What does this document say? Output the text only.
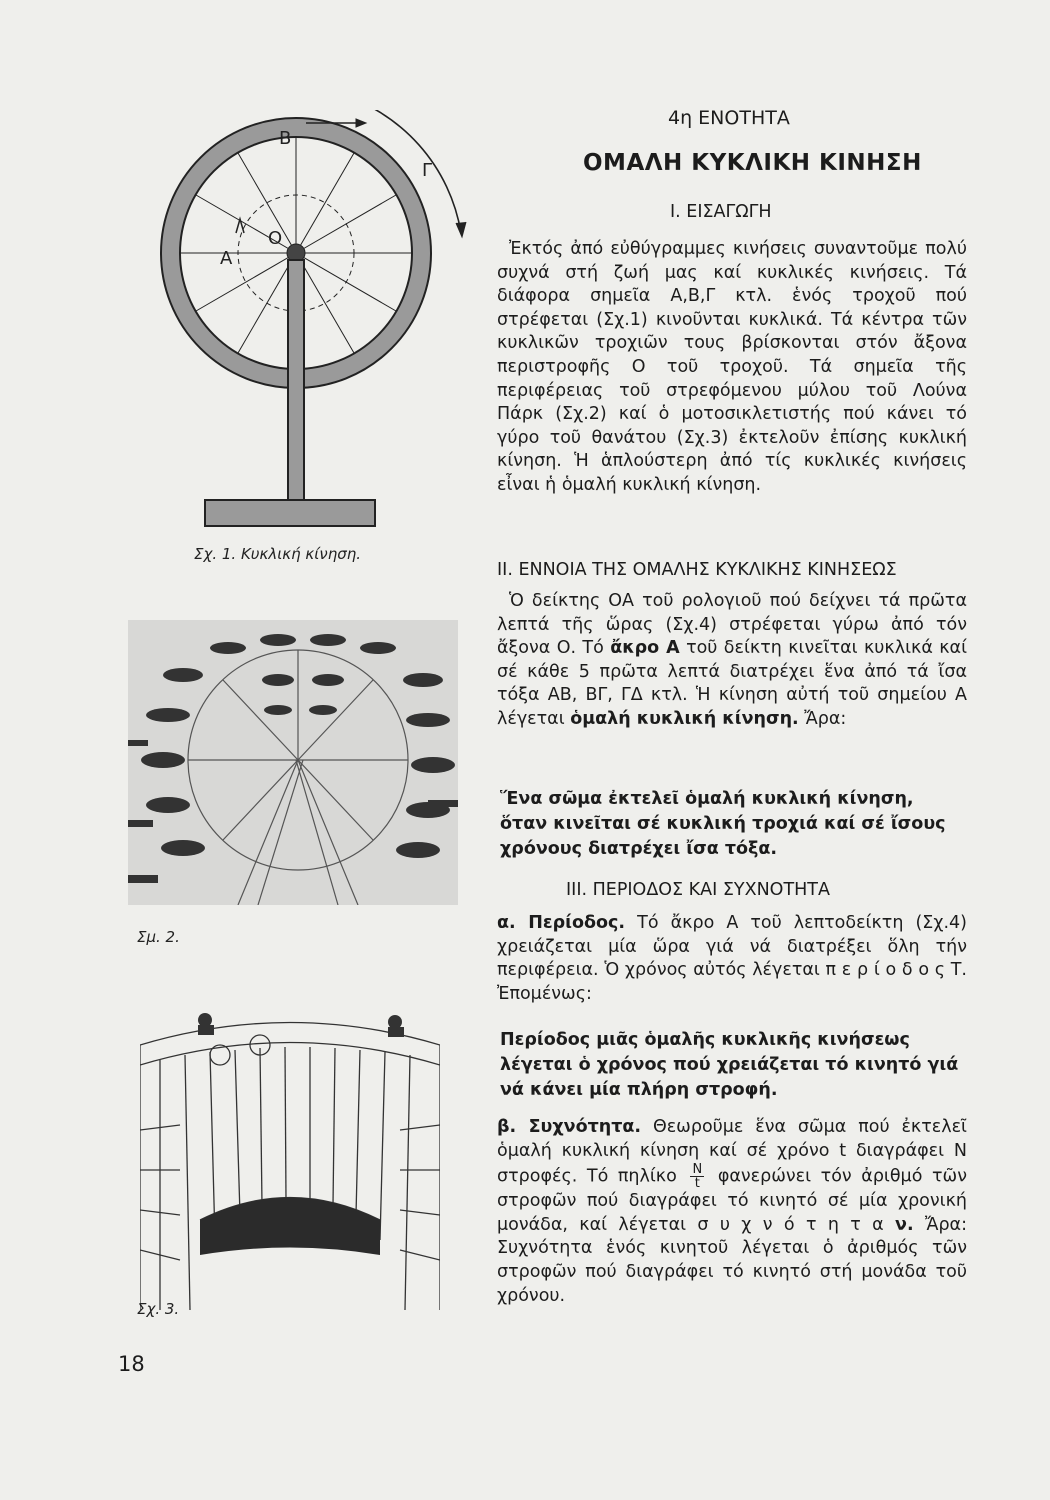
4η ΕΝΟΤΗΤΑ
ΟΜΑΛΗ ΚΥΚΛΙΚΗ ΚΙΝΗΣΗ
Α
Β
Γ
Ο
Σχ. 1. Κυκλική κίνηση.
Σμ. 2.
Σχ. 3.
Ι. ΕΙΣΑΓΩΓΗ

Ἐκτός ἀπό εὐθύγραμμες κινήσεις συναντοῦμε πολύ συχνά στή ζωή μας καί κυκλικές κινήσεις. Τά διάφορα σημεῖα Α,Β,Γ κτλ. ἑνός τροχοῦ πού στρέφεται (Σχ.1) κινοῦνται κυκλικά. Τά κέντρα τῶν κυκλικῶν τροχιῶν τους βρίσκονται στόν ἄξονα περιστροφῆς Ο τοῦ τροχοῦ. Τά σημεῖα τῆς περιφέρειας τοῦ στρεφόμενου μύλου τοῦ Λούνα Πάρκ (Σχ.2) καί ὁ μοτοσικλετιστής πού κάνει τό γύρο τοῦ θανάτου (Σχ.3) ἐκτελοῦν ἐπίσης κυκλική κίνηση. Ἡ ἁπλούστερη ἀπό τίς κυκλικές κινήσεις εἶναι ἡ ὁμαλή κυκλική κίνηση.

ΙΙ. ΕΝΝΟΙΑ ΤΗΣ ΟΜΑΛΗΣ ΚΥΚΛΙΚΗΣ ΚΙΝΗΣΕΩΣ

Ὁ δείκτης ΟΑ τοῦ ρολογιοῦ πού δείχνει τά πρῶτα λεπτά τῆς ὥρας (Σχ.4) στρέφεται γύρω ἀπό τόν ἄξονα Ο. Τό ἄκρο Α τοῦ δείκτη κινεῖται κυκλικά καί σέ κάθε 5 πρῶτα λεπτά διατρέχει ἕνα ἀπό τά ἴσα τόξα ΑΒ, ΒΓ, ΓΔ κτλ. Ἡ κίνηση αὐτή τοῦ σημείου Α λέγεται ὁμαλή κυκλική κίνηση. Ἄρα:

Ἕνα σῶμα ἐκτελεῖ ὁμαλή κυκλική κίνηση, ὅταν κινεῖται σέ κυκλική τροχιά καί σέ ἴσους χρόνους διατρέχει ἴσα τόξα.

ΙΙΙ. ΠΕΡΙΟΔΟΣ ΚΑΙ ΣΥΧΝΟΤΗΤΑ

α. Περίοδος. Τό ἄκρο Α τοῦ λεπτοδείκτη (Σχ.4) χρειάζεται μία ὥρα γιά νά διατρέξει ὅλη τήν περιφέρεια. Ὁ χρόνος αὐτός λέγεται π ε ρ ί ο δ ο ς Τ. Ἐπομένως:

Περίοδος μιᾶς ὁμαλῆς κυκλικῆς κινήσεως λέγεται ὁ χρόνος πού χρειάζεται τό κινητό γιά νά κάνει μία πλήρη στροφή.

β. Συχνότητα. Θεωροῦμε ἕνα σῶμα πού ἐκτελεῖ ὁμαλή κυκλική κίνηση καί σέ χρόνο t διαγράφει N στροφές. Τό πηλίκο $\frac{N}{t}$ φανερώνει τόν ἀριθμό τῶν στροφῶν πού διαγράφει τό κινητό σέ μία χρονική μονάδα, καί λέγεται σ υ χ ν ό τ η τ α ν. Ἄρα: Συχνότητα ἑνός κινητοῦ λέγεται ὁ ἀριθμός τῶν στροφῶν πού διαγράφει τό κινητό στή μονάδα τοῦ χρόνου.

18
